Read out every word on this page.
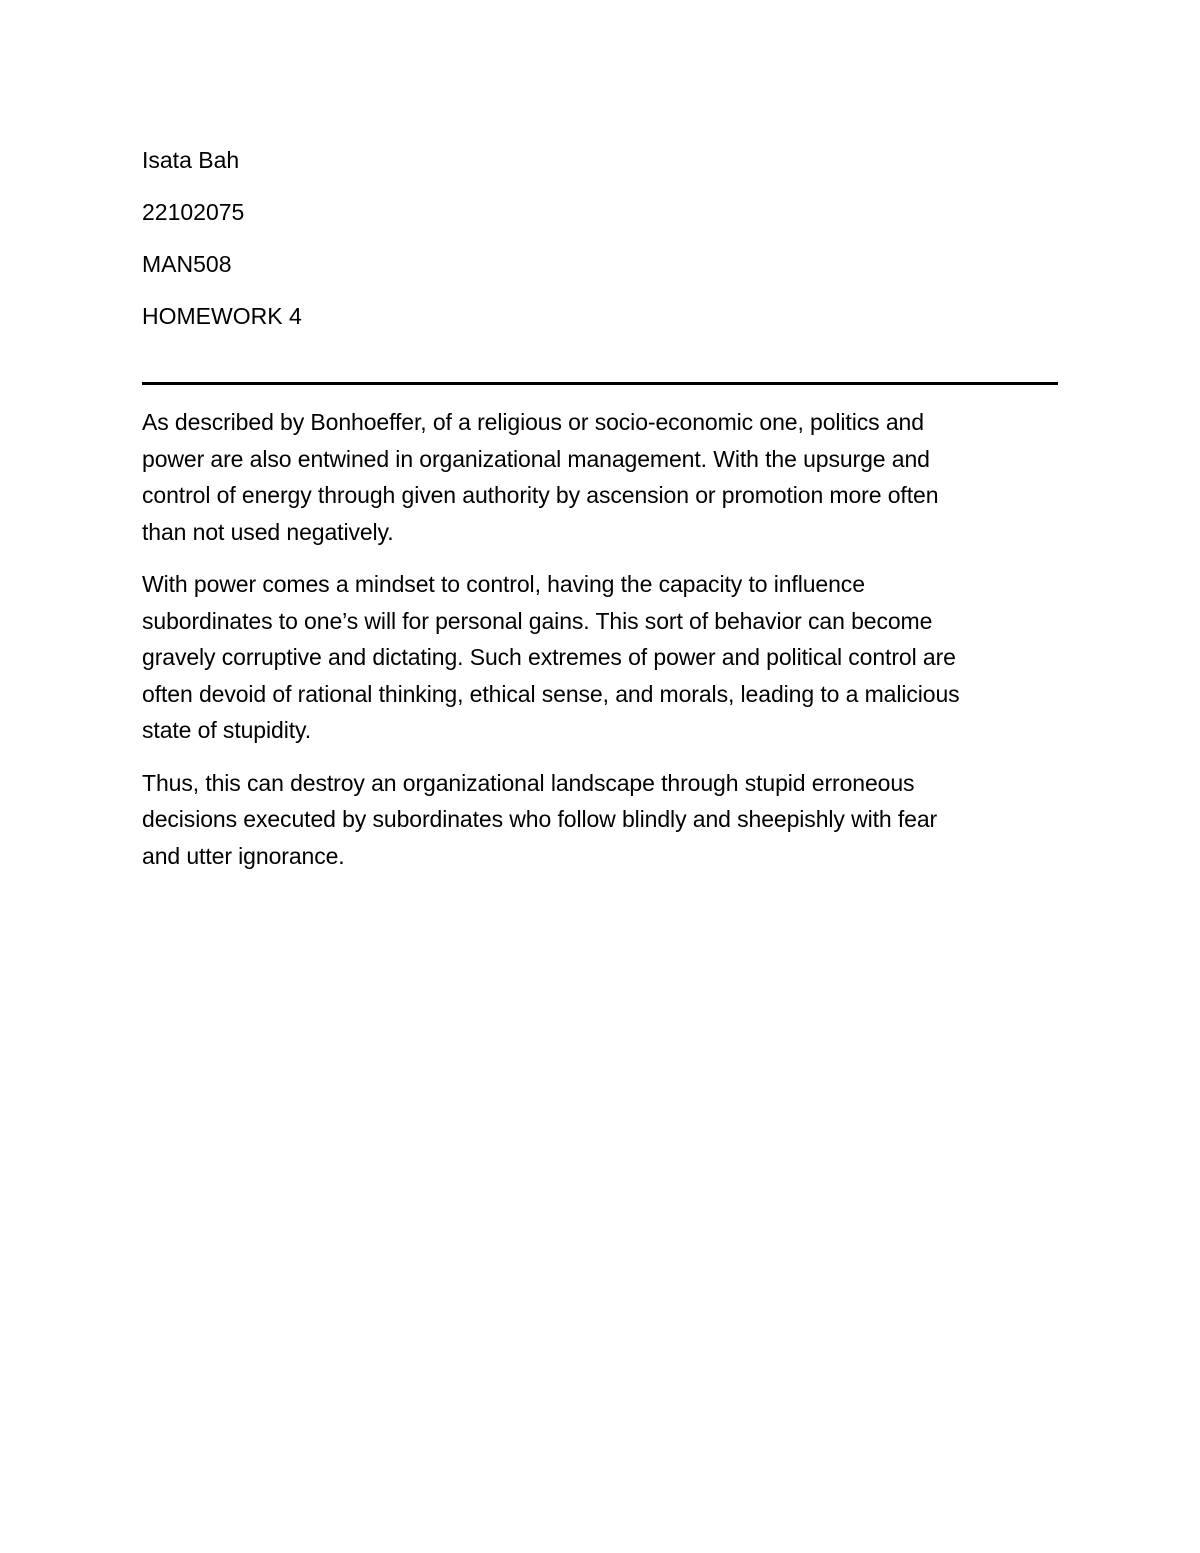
Isata Bah
22102075
MAN508
HOMEWORK 4

As described by Bonhoeffer, of a religious or socio-economic one, politics and
power are also entwined in organizational management. With the upsurge and
control of energy through given authority by ascension or promotion more often
than not used negatively.

With power comes a mindset to control, having the capacity to influence
subordinates to one’s will for personal gains. This sort of behavior can become
gravely corruptive and dictating. Such extremes of power and political control are
often devoid of rational thinking, ethical sense, and morals, leading to a malicious
state of stupidity.

Thus, this can destroy an organizational landscape through stupid erroneous
decisions executed by subordinates who follow blindly and sheepishly with fear
and utter ignorance.
